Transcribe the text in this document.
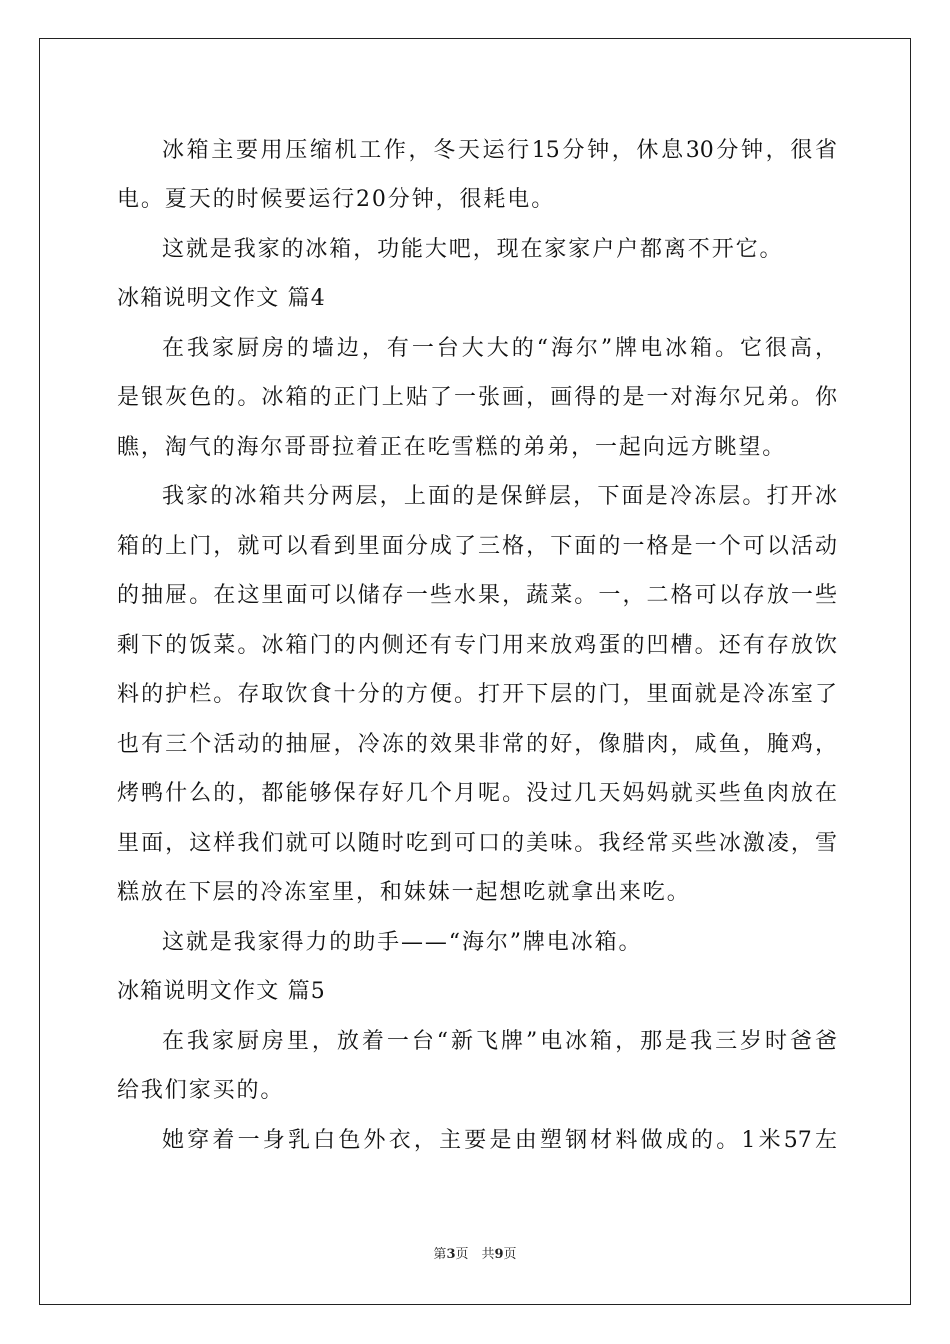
冰箱主要用压缩机工作，冬天运行15分钟，休息30分钟，很省
电。夏天的时候要运行20分钟，很耗电。
这就是我家的冰箱，功能大吧，现在家家户户都离不开它。
冰箱说明文作文 篇4
在我家厨房的墙边，有一台大大的“海尔”牌电冰箱。它很高，
是银灰色的。冰箱的正门上贴了一张画，画得的是一对海尔兄弟。你
瞧，淘气的海尔哥哥拉着正在吃雪糕的弟弟，一起向远方眺望。
我家的冰箱共分两层，上面的是保鲜层，下面是冷冻层。打开冰
箱的上门，就可以看到里面分成了三格，下面的一格是一个可以活动
的抽屉。在这里面可以储存一些水果，蔬菜。一，二格可以存放一些
剩下的饭菜。冰箱门的内侧还有专门用来放鸡蛋的凹槽。还有存放饮
料的护栏。存取饮食十分的方便。打开下层的门，里面就是冷冻室了
也有三个活动的抽屉，冷冻的效果非常的好，像腊肉，咸鱼，腌鸡，
烤鸭什么的，都能够保存好几个月呢。没过几天妈妈就买些鱼肉放在
里面，这样我们就可以随时吃到可口的美味。我经常买些冰激凌，雪
糕放在下层的冷冻室里，和妹妹一起想吃就拿出来吃。
这就是我家得力的助手——“海尔”牌电冰箱。
冰箱说明文作文 篇5
在我家厨房里，放着一台“新飞牌”电冰箱，那是我三岁时爸爸
给我们家买的。
她穿着一身乳白色外衣，主要是由塑钢材料做成的。1米57左
第3页　共9页
